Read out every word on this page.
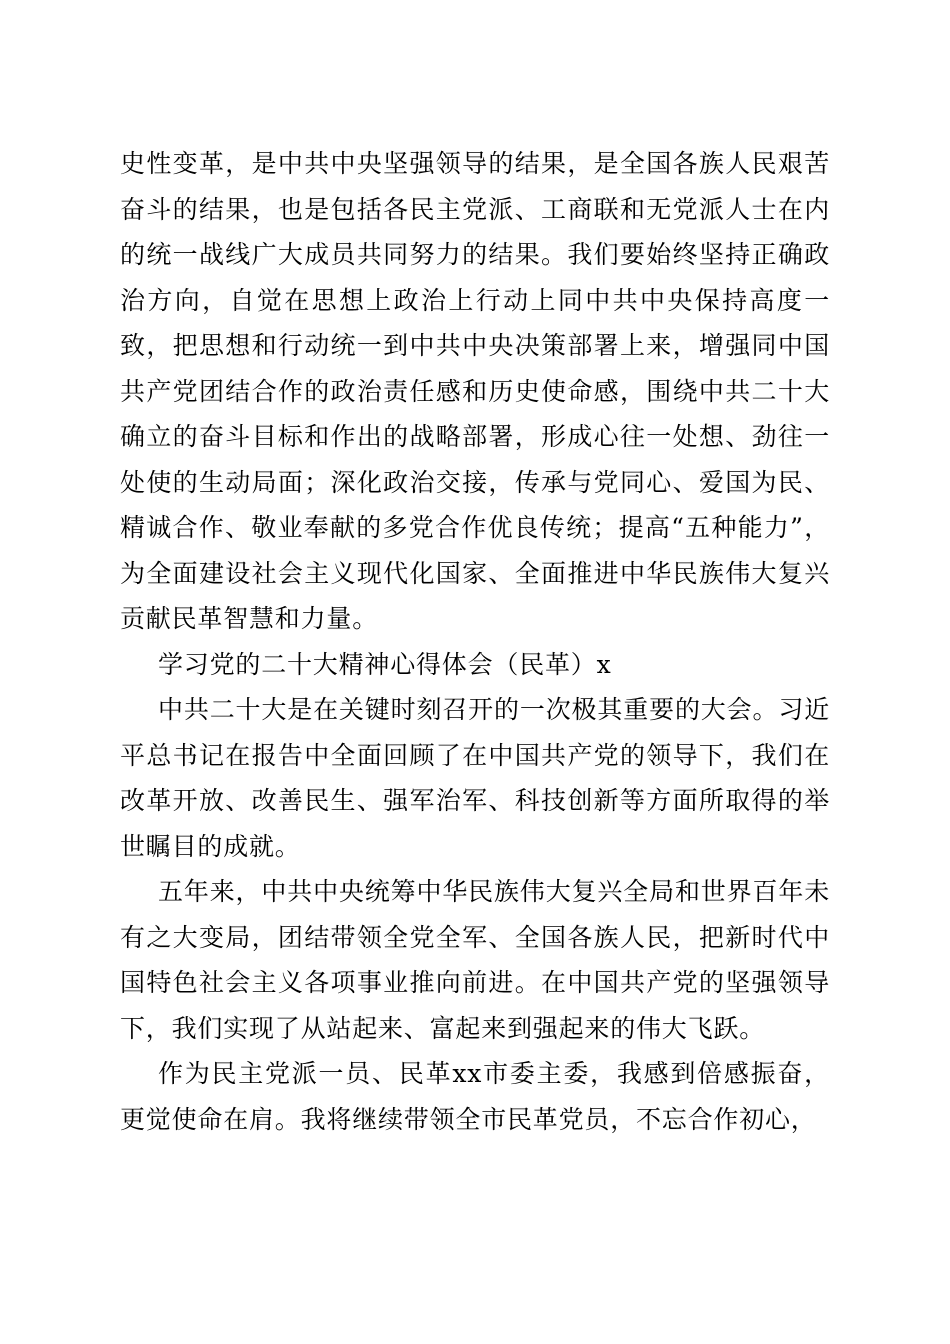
史性变革，是中共中央坚强领导的结果，是全国各族人民艰苦奋斗的结果，也是包括各民主党派、工商联和无党派人士在内的统一战线广大成员共同努力的结果。我们要始终坚持正确政治方向，自觉在思想上政治上行动上同中共中央保持高度一致，把思想和行动统一到中共中央决策部署上来，增强同中国共产党团结合作的政治责任感和历史使命感，围绕中共二十大确立的奋斗目标和作出的战略部署，形成心往一处想、劲往一处使的生动局面；深化政治交接，传承与党同心、爱国为民、精诚合作、敬业奉献的多党合作优良传统；提高“五种能力”，为全面建设社会主义现代化国家、全面推进中华民族伟大复兴贡献民革智慧和力量。

学习党的二十大精神心得体会（民革）x

中共二十大是在关键时刻召开的一次极其重要的大会。习近平总书记在报告中全面回顾了在中国共产党的领导下，我们在改革开放、改善民生、强军治军、科技创新等方面所取得的举世瞩目的成就。

五年来，中共中央统筹中华民族伟大复兴全局和世界百年未有之大变局，团结带领全党全军、全国各族人民，把新时代中国特色社会主义各项事业推向前进。在中国共产党的坚强领导下，我们实现了从站起来、富起来到强起来的伟大飞跃。

作为民主党派一员、民革xx市委主委，我感到倍感振奋，更觉使命在肩。我将继续带领全市民革党员，不忘合作初心，
